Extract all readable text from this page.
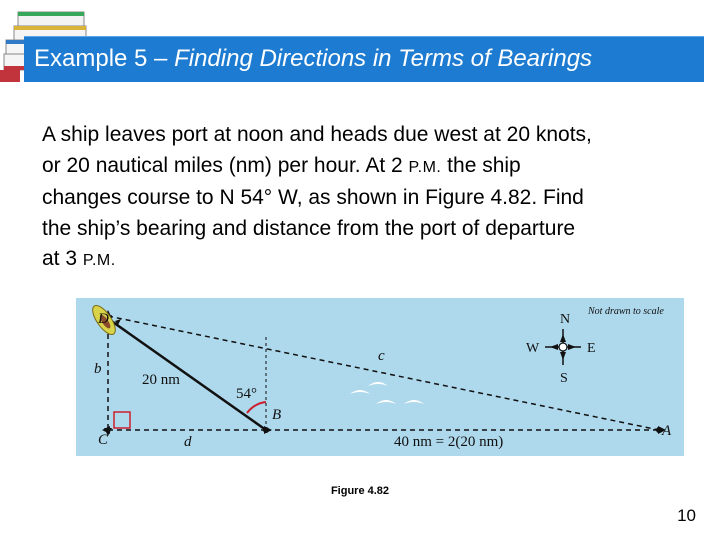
Example 5 – Finding Directions in Terms of Bearings
A ship leaves port at noon and heads due west at 20 knots,
or 20 nautical miles (nm) per hour. At 2 P.M. the ship
changes course to N 54° W, as shown in Figure 4.82. Find
the ship’s bearing and distance from the port of departure
at 3 P.M.
N
S
W	E
Not drawn to scale
D
C
B
A
b
d
c
20 nm
54°
40 nm = 2(20 nm)
Figure 4.82
10
